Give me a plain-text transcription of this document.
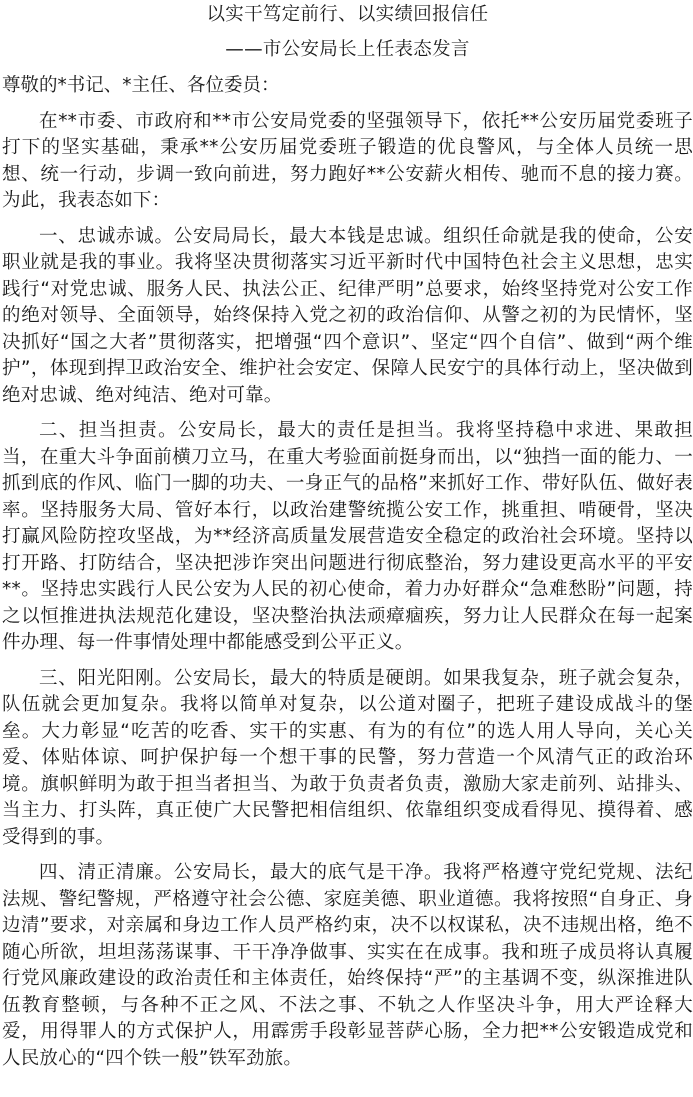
以实干笃定前行、以实绩回报信任
——市公安局长上任表态发言

尊敬的*书记、*主任、各位委员：

在**市委、市政府和**市公安局党委的坚强领导下，依托**公安历届党委班子打下的坚实基础，秉承**公安历届党委班子锻造的优良警风，与全体人员统一思想、统一行动，步调一致向前进，努力跑好**公安薪火相传、驰而不息的接力赛。为此，我表态如下：

一、忠诚赤诚。公安局局长，最大本钱是忠诚。组织任命就是我的使命，公安职业就是我的事业。我将坚决贯彻落实习近平新时代中国特色社会主义思想，忠实践行“对党忠诚、服务人民、执法公正、纪律严明”总要求，始终坚持党对公安工作的绝对领导、全面领导，始终保持入党之初的政治信仰、从警之初的为民情怀，坚决抓好“国之大者”贯彻落实，把增强“四个意识”、坚定“四个自信”、做到“两个维护”，体现到捍卫政治安全、维护社会安定、保障人民安宁的具体行动上，坚决做到绝对忠诚、绝对纯洁、绝对可靠。

二、担当担责。公安局长，最大的责任是担当。我将坚持稳中求进、果敢担当，在重大斗争面前横刀立马，在重大考验面前挺身而出，以“独挡一面的能力、一抓到底的作风、临门一脚的功夫、一身正气的品格”来抓好工作、带好队伍、做好表率。坚持服务大局、管好本行，以政治建警统揽公安工作，挑重担、啃硬骨，坚决打赢风险防控攻坚战，为**经济高质量发展营造安全稳定的政治社会环境。坚持以打开路、打防结合，坚决把涉诈突出问题进行彻底整治，努力建设更高水平的平安**。坚持忠实践行人民公安为人民的初心使命，着力办好群众“急难愁盼”问题，持之以恒推进执法规范化建设，坚决整治执法顽瘴痼疾，努力让人民群众在每一起案件办理、每一件事情处理中都能感受到公平正义。

三、阳光阳刚。公安局长，最大的特质是硬朗。如果我复杂，班子就会复杂，队伍就会更加复杂。我将以简单对复杂，以公道对圈子，把班子建设成战斗的堡垒。大力彰显“吃苦的吃香、实干的实惠、有为的有位”的选人用人导向，关心关爱、体贴体谅、呵护保护每一个想干事的民警，努力营造一个风清气正的政治环境。旗帜鲜明为敢于担当者担当、为敢于负责者负责，激励大家走前列、站排头、当主力、打头阵，真正使广大民警把相信组织、依靠组织变成看得见、摸得着、感受得到的事。

四、清正清廉。公安局长，最大的底气是干净。我将严格遵守党纪党规、法纪法规、警纪警规，严格遵守社会公德、家庭美德、职业道德。我将按照“自身正、身边清”要求，对亲属和身边工作人员严格约束，决不以权谋私，决不违规出格，绝不随心所欲，坦坦荡荡谋事、干干净净做事、实实在在成事。我和班子成员将认真履行党风廉政建设的政治责任和主体责任，始终保持“严”的主基调不变，纵深推进队伍教育整顿，与各种不正之风、不法之事、不轨之人作坚决斗争，用大严诠释大爱，用得罪人的方式保护人，用霹雳手段彰显菩萨心肠，全力把**公安锻造成党和人民放心的“四个铁一般”铁军劲旅。
